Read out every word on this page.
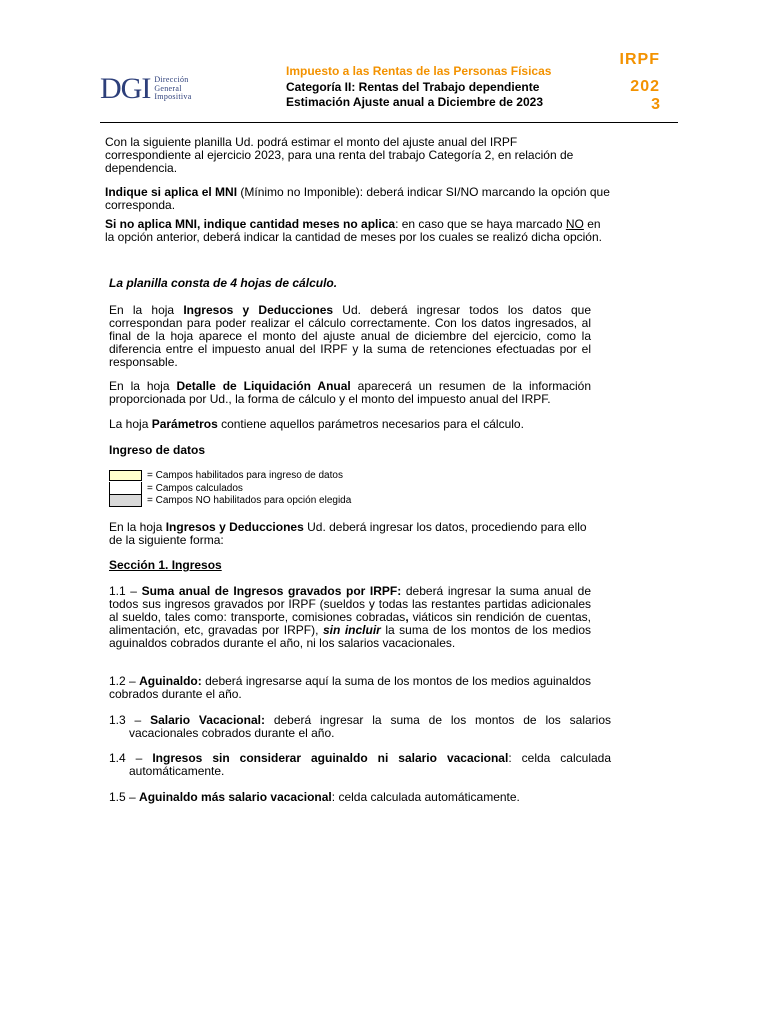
DGI Dirección
General
Impositiva
Impuesto a las Rentas de las Personas Físicas
Categoría II: Rentas del Trabajo dependiente
Estimación Ajuste anual a Diciembre de 2023
IRPF
202
3
Con la siguiente planilla Ud. podrá estimar el monto del ajuste anual del IRPF correspondiente al ejercicio 2023, para una renta del trabajo Categoría 2, en relación de dependencia.
Indique si aplica el MNI (Mínimo no Imponible): deberá indicar SI/NO marcando la opción que corresponda.
Si no aplica MNI, indique cantidad meses no aplica: en caso que se haya marcado NO en la opción anterior, deberá indicar la cantidad de meses por los cuales se realizó dicha opción.
La planilla consta de 4 hojas de cálculo.
En la hoja Ingresos y Deducciones Ud. deberá ingresar todos los datos que correspondan para poder realizar el cálculo correctamente. Con los datos ingresados, al final de la hoja aparece el monto del ajuste anual de diciembre del ejercicio, como la diferencia entre el impuesto anual del IRPF y la suma de retenciones efectuadas por el responsable.
En la hoja Detalle de Liquidación Anual aparecerá un resumen de la información proporcionada por Ud., la forma de cálculo y el monto del impuesto anual del IRPF.
La hoja Parámetros contiene aquellos parámetros necesarios para el cálculo.
Ingreso de datos
= Campos habilitados para ingreso de datos
= Campos calculados
= Campos NO habilitados para opción elegida
En la hoja Ingresos y Deducciones Ud. deberá ingresar los datos, procediendo para ello de la siguiente forma:
Sección 1. Ingresos
1.1 – Suma anual de Ingresos gravados por IRPF: deberá ingresar la suma anual de todos sus ingresos gravados por IRPF (sueldos y todas las restantes partidas adicionales al sueldo, tales como: transporte, comisiones cobradas, viáticos sin rendición de cuentas, alimentación, etc, gravadas por IRPF), sin incluir la suma de los montos de los medios aguinaldos cobrados durante el año, ni los salarios vacacionales.
1.2 – Aguinaldo: deberá ingresarse aquí la suma de los montos de los medios aguinaldos cobrados durante el año.
1.3 – Salario Vacacional: deberá ingresar la suma de los montos de los salarios vacacionales cobrados durante el año.
1.4 – Ingresos sin considerar aguinaldo ni salario vacacional: celda calculada automáticamente.
1.5 – Aguinaldo más salario vacacional: celda calculada automáticamente.
